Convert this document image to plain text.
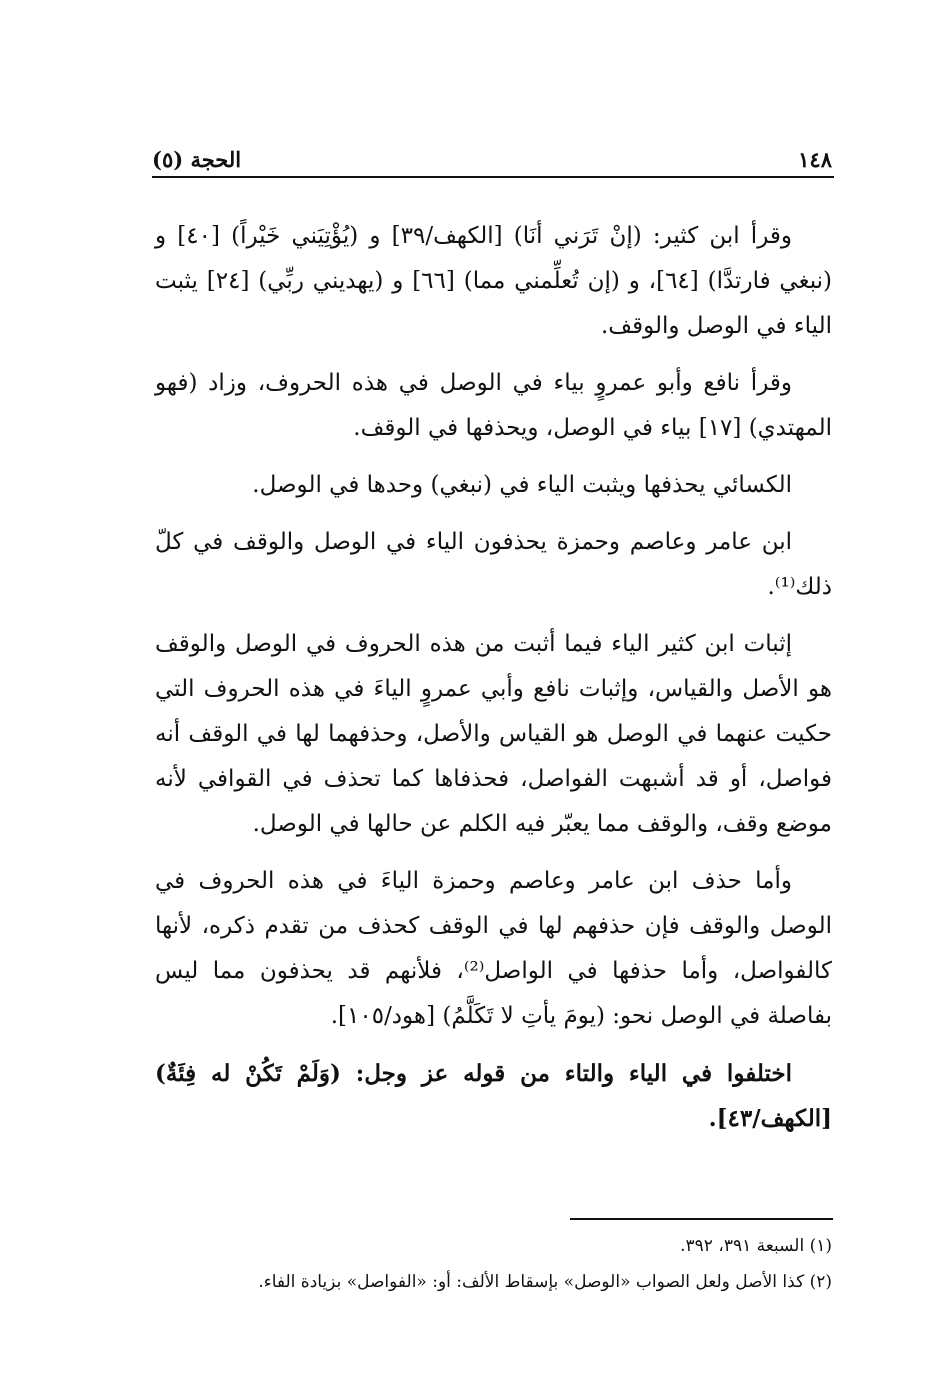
١٤٨
الحجة (٥)

وقرأ ابن كثير: (إنْ تَرَني أنَا) [الكهف/٣٩] و (يُؤْتِيَني خَيْراً) [٤٠] و (نبغي فارتدَّا) [٦٤]، و (إن تُعلِّمني مما) [٦٦] و (يهديني ربِّي) [٢٤] يثبت الياء في الوصل والوقف.

وقرأ نافع وأبو عمروٍ بياء في الوصل في هذه الحروف، وزاد (فهو المهتدي) [١٧] بياء في الوصل، ويحذفها في الوقف.

الكسائي يحذفها ويثبت الياء في (نبغي) وحدها في الوصل.

ابن عامر وعاصم وحمزة يحذفون الياء في الوصل والوقف في كلّ ذلك⁽¹⁾.

إثبات ابن كثير الياء فيما أثبت من هذه الحروف في الوصل والوقف هو الأصل والقياس، وإثبات نافع وأبي عمروٍ الياءَ في هذه الحروف التي حكيت عنهما في الوصل هو القياس والأصل، وحذفهما لها في الوقف أنه فواصل، أو قد أشبهت الفواصل، فحذفاها كما تحذف في القوافي لأنه موضع وقف، والوقف مما يعبّر فيه الكلم عن حالها في الوصل.

وأما حذف ابن عامر وعاصم وحمزة الياءَ في هذه الحروف في الوصل والوقف فإن حذفهم لها في الوقف كحذف من تقدم ذكره، لأنها كالفواصل، وأما حذفها في الواصل⁽²⁾، فلأنهم قد يحذفون مما ليس بفاصلة في الوصل نحو: (يومَ يأتِ لا تَكَلَّمُ) [هود/١٠٥].

اختلفوا في الياء والتاء من قوله عز وجل: (وَلَمْ تَكُنْ له فِئَةٌ) [الكهف/٤٣].

(١) السبعة ٣٩١، ٣٩٢.

(٢) كذا الأصل ولعل الصواب «الوصل» بإسقاط الألف: أو: «الفواصل» بزيادة الفاء.
